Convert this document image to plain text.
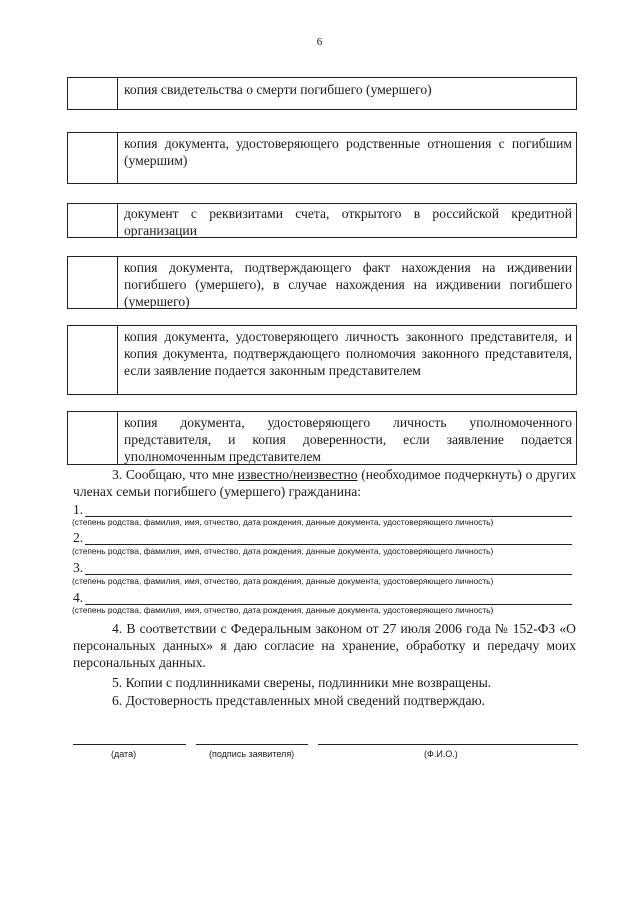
6
копия свидетельства о смерти погибшего (умершего)
копия документа, удостоверяющего родственные отношения с погибшим (умершим)
документ с реквизитами счета, открытого в российской кредитной организации
копия документа, подтверждающего факт нахождения на иждивении погибшего (умершего), в случае нахождения на иждивении погибшего (умершего)
копия документа, удостоверяющего личность законного представителя, и копия документа, подтверждающего полномочия законного представителя, если заявление подается законным представителем
копия документа, удостоверяющего личность уполномоченного представителя, и копия доверенности, если заявление подается уполномоченным представителем
3. Сообщаю, что мне известно/неизвестно (необходимое подчеркнуть) о других членах семьи погибшего (умершего) гражданина:
1.
(степень родства, фамилия, имя, отчество, дата рождения, данные документа, удостоверяющего личность)
2.
(степень родства, фамилия, имя, отчество, дата рождения, данные документа, удостоверяющего личность)
3.
(степень родства, фамилия, имя, отчество, дата рождения, данные документа, удостоверяющего личность)
4.
(степень родства, фамилия, имя, отчество, дата рождения, данные документа, удостоверяющего личность)
4. В соответствии с Федеральным законом от 27 июля 2006 года № 152-ФЗ «О персональных данных» я даю согласие на хранение, обработку и передачу моих персональных данных.
5. Копии с подлинниками сверены, подлинники мне возвращены.
6. Достоверность представленных мной сведений подтверждаю.
(дата)	(подпись заявителя)	(Ф.И.О.)
